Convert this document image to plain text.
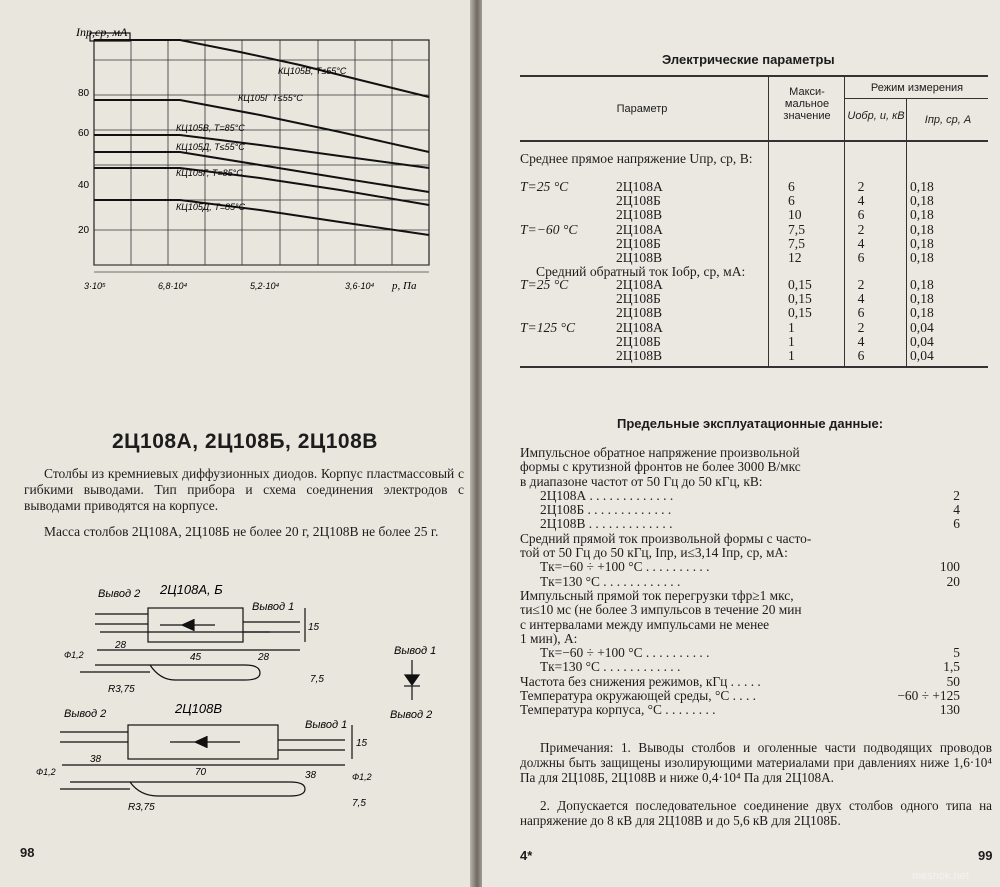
Iпр,ср, мА
80
60
40
20
3·10⁵	6,8·10⁴	5,2·10⁴	3,6·10⁴ p, Па
КЦ105В, T≤55°C
КЦ105Г T≤55°C
КЦ105В, T=85°C
КЦ105Д, T≤55°C
КЦ105Г, T=85°C
КЦ105Д, T=85°C
2Ц108А, 2Ц108Б, 2Ц108В
Столбы из кремниевых диффузионных диодов. Корпус пластмассовый с гибкими выводами. Тип прибора и схема соединения электродов с выводами приводятся на корпусе.
Масса столбов 2Ц108А, 2Ц108Б не более 20 г, 2Ц108В не более 25 г.
Вывод 2 2Ц108А, Б
Вывод 1
28
45	28
15
Ф1,2
R3,75
7,5
Вывод 2	2Ц108В
Вывод 1
38
70	38
15
Ф1,2	Ф1,2
R3,75	7,5
Вывод 1
Вывод 2
98
Электрические параметры
Параметр
Макси-мальное значение
Режим измерения
Uобр, и, кВ	Iпр, ср, А
Среднее прямое напряжение Uпр, ср, В:
T=25 °C	2Ц108А	6	2	0,18
2Ц108Б	6	4	0,18
2Ц108В	10	6	0,18
T=−60 °C	2Ц108А	7,5	2	0,18
2Ц108Б	7,5	4	0,18
2Ц108В	12	6	0,18
Средний обратный ток Iобр, ср, мА:
T=25 °C	2Ц108А	0,15	2	0,18
2Ц108Б	0,15	4	0,18
2Ц108В	0,15	6	0,18
T=125 °C	2Ц108А	1	2	0,04
2Ц108Б	1	4	0,04
2Ц108В	1	6	0,04
Предельные эксплуатационные данные:
Импульсное обратное напряжение произвольной
формы с крутизной фронтов не более 3000 В/мкс
в диапазоне частот от 50 Гц до 50 кГц, кВ:
2Ц108А . . . . . . . . . . . . .	2
2Ц108Б . . . . . . . . . . . . .	4
2Ц108В . . . . . . . . . . . . .	6
Средний прямой ток произвольной формы с часто-
той от 50 Гц до 50 кГц, Iпр, и≤3,14 Iпр, ср, мА:
Tк=−60 ÷ +100 °C . . . . . . . . . .	100
Tк=130 °C . . . . . . . . . . . .	20
Импульсный прямой ток перегрузки τфр≥1 мкс,
τи≤10 мс (не более 3 импульсов в течение 20 мин
с интервалами между импульсами не менее
1 мин), А:
Tк=−60 ÷ +100 °C . . . . . . . . . .	5
Tк=130 °C . . . . . . . . . . . .	1,5
Частота без снижения режимов, кГц . . . . .	50
Температура окружающей среды, °C . . . .	−60 ÷ +125
Температура корпуса, °C . . . . . . . .	130
Примечания: 1. Выводы столбов и оголенные части подводящих проводов должны быть защищены изолирующими материалами при давлениях ниже 1,6·10⁴ Па для 2Ц108Б, 2Ц108В и ниже 0,4·10⁴ Па для 2Ц108А.
2. Допускается последовательное соединение двух столбов одного типа на напряжение до 8 кВ для 2Ц108В и до 5,6 кВ для 2Ц108Б.
4*	99
meshok.net
